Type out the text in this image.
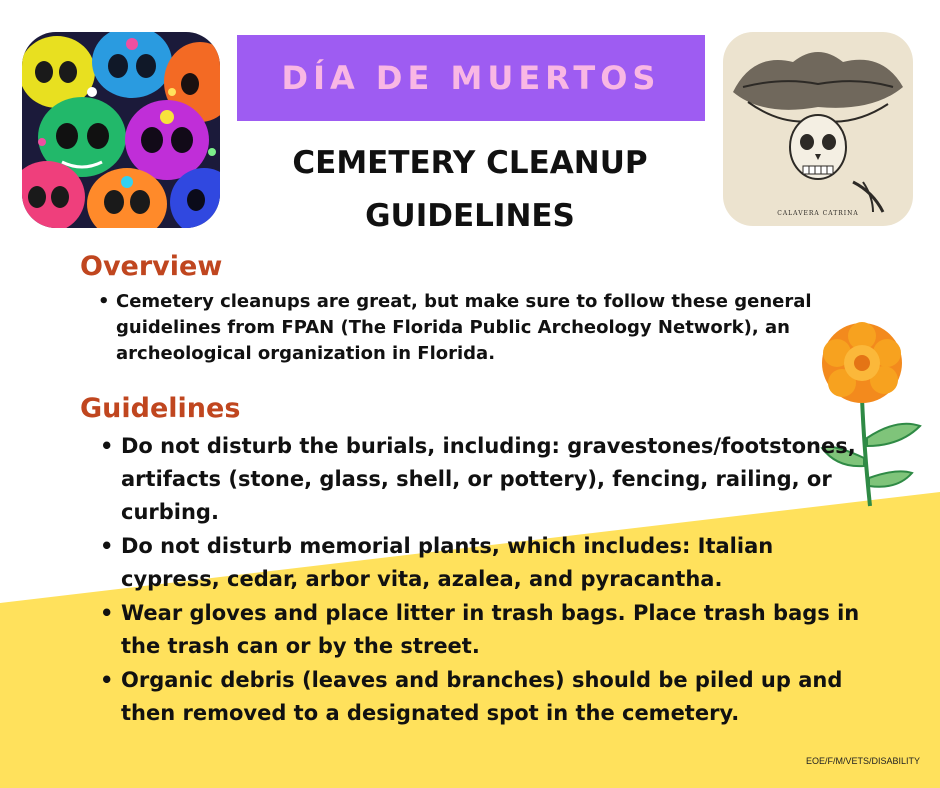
DÍA DE MUERTOS
CEMETERY CLEANUP
GUIDELINES	CALAVERA CATRINA
Overview
• Cemetery cleanups are great, but make sure to follow these general guidelines from FPAN (The Florida Public Archeology Network), an archeological organization in Florida.
Guidelines
• Do not disturb the burials, including: gravestones/footstones, artifacts (stone, glass, shell, or pottery), fencing, railing, or curbing.
• Do not disturb memorial plants, which includes: Italian cypress, cedar, arbor vita, azalea, and pyracantha.
• Wear gloves and place litter in trash bags. Place trash bags in the trash can or by the street.
• Organic debris (leaves and branches) should be piled up and then removed to a designated spot in the cemetery.
EOE/F/M/VETS/DISABILITY
